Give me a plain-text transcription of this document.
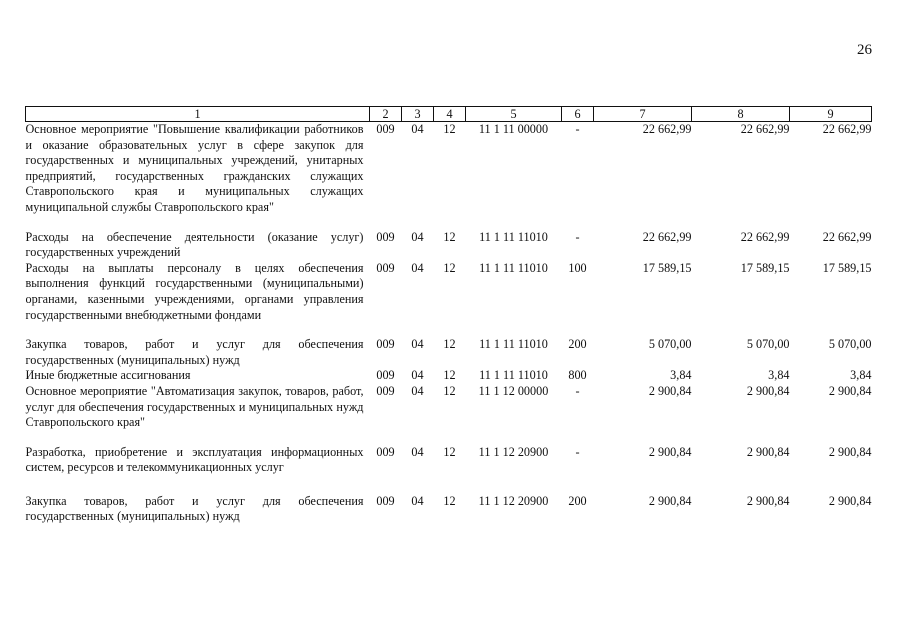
26
1	2	3	4	5	6	7	8	9
Основное мероприятие "Повышение квалификации работников и оказание образовательных услуг в сфере закупок для государственных и муниципальных учреждений, унитарных предприятий, государственных гражданских служащих Ставропольского края и муниципальных служащих муниципальной службы Ставропольского края"	009	04	12	11 1 11 00000	-	22 662,99	22 662,99	22 662,99
Расходы на обеспечение деятельности (оказание услуг) государственных учреждений	009	04	12	11 1 11 11010	-	22 662,99	22 662,99	22 662,99
Расходы на выплаты персоналу в целях обеспечения выполнения функций государственными (муниципальными) органами, казенными учреждениями, органами управления государственными внебюджетными фондами	009	04	12	11 1 11 11010	100	17 589,15	17 589,15	17 589,15
Закупка товаров, работ и услуг для обеспечения государственных (муниципальных) нужд	009	04	12	11 1 11 11010	200	5 070,00	5 070,00	5 070,00
Иные бюджетные ассигнования	009	04	12	11 1 11 11010	800	3,84	3,84	3,84
Основное мероприятие "Автоматизация закупок, товаров, работ, услуг для обеспечения государственных и муниципальных нужд Ставропольского края"	009	04	12	11 1 12 00000	-	2 900,84	2 900,84	2 900,84
Разработка, приобретение и эксплуатация информационных систем, ресурсов и телекоммуникационных услуг	009	04	12	11 1 12 20900	-	2 900,84	2 900,84	2 900,84
Закупка товаров, работ и услуг для обеспечения государственных (муниципальных) нужд	009	04	12	11 1 12 20900	200	2 900,84	2 900,84	2 900,84
